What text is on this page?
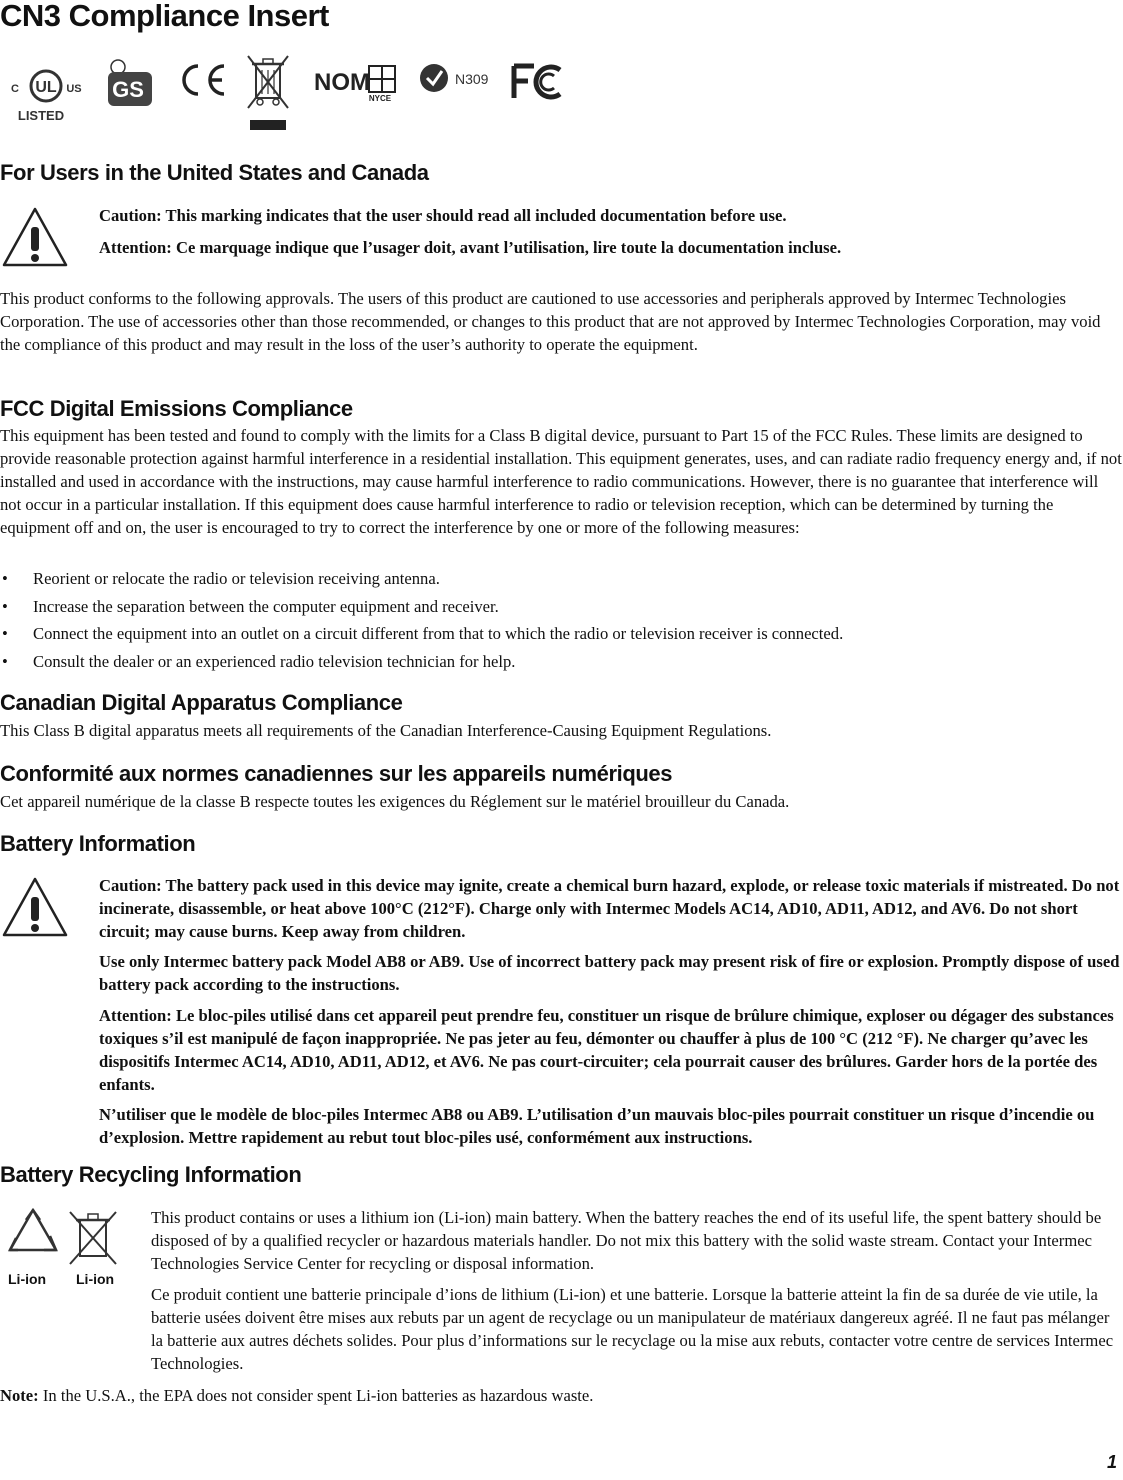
CN3 Compliance Insert
UL
C	US
LISTED
GS	NOM
NYCE
N309
For Users in the United States and Canada

Caution: This marking indicates that the user should read all included documentation before use.

Attention: Ce marquage indique que l’usager doit, avant l’utilisation, lire toute la documentation incluse.

This product conforms to the following approvals. The users of this product are cautioned to use accessories and peripherals approved by Intermec Technologies Corporation. The use of accessories other than those recommended, or changes to this product that are not approved by Intermec Technologies Corporation, may void the compliance of this product and may result in the loss of the user’s authority to operate the equipment.

FCC Digital Emissions Compliance

This equipment has been tested and found to comply with the limits for a Class B digital device, pursuant to Part 15 of the FCC Rules. These limits are designed to provide reasonable protection against harmful interference in a residential installation. This equipment generates, uses, and can radiate radio frequency energy and, if not installed and used in accordance with the instructions, may cause harmful interference to radio communications. However, there is no guarantee that interference will not occur in a particular installation. If this equipment does cause harmful interference to radio or television reception, which can be determined by turning the equipment off and on, the user is encouraged to try to correct the interference by one or more of the following measures:

• Reorient or relocate the radio or television receiving antenna.
• Increase the separation between the computer equipment and receiver.
• Connect the equipment into an outlet on a circuit different from that to which the radio or television receiver is connected.
• Consult the dealer or an experienced radio television technician for help.
Canadian Digital Apparatus Compliance

This Class B digital apparatus meets all requirements of the Canadian Interference-Causing Equipment Regulations.

Conformité aux normes canadiennes sur les appareils numériques

Cet appareil numérique de la classe B respecte toutes les exigences du Réglement sur le matériel brouilleur du Canada.

Battery Information

Caution: The battery pack used in this device may ignite, create a chemical burn hazard, explode, or release toxic materials if mistreated. Do not incinerate, disassemble, or heat above 100°C (212°F). Charge only with Intermec Models AC14, AD10, AD11, AD12, and AV6. Do not short circuit; may cause burns. Keep away from children.

Use only Intermec battery pack Model AB8 or AB9. Use of incorrect battery pack may present risk of fire or explosion. Promptly dispose of used battery pack according to the instructions.

Attention: Le bloc-piles utilisé dans cet appareil peut prendre feu, constituer un risque de brûlure chimique, exploser ou dégager des substances toxiques s’il est manipulé de façon inappropriée. Ne pas jeter au feu, démonter ou chauffer à plus de 100 °C (212 °F). Ne charger qu’avec les dispositifs Intermec AC14, AD10, AD11, AD12, et AV6. Ne pas court-circuiter; cela pourrait causer des brûlures. Garder hors de la portée des enfants.

N’utiliser que le modèle de bloc-piles Intermec AB8 ou AB9. L’utilisation d’un mauvais bloc-piles pourrait constituer un risque d’incendie ou d’explosion. Mettre rapidement au rebut tout bloc-piles usé, conformément aux instructions.

Battery Recycling Information
Li-ion Li-ion

This product contains or uses a lithium ion (Li-ion) main battery. When the battery reaches the end of its useful life, the spent battery should be disposed of by a qualified recycler or hazardous materials handler. Do not mix this battery with the solid waste stream. Contact your Intermec Technologies Service Center for recycling or disposal information.

Ce produit contient une batterie principale d’ions de lithium (Li-ion) et une batterie. Lorsque la batterie atteint la fin de sa durée de vie utile, la batterie usées doivent être mises aux rebuts par un agent de recyclage ou un manipulateur de matériaux dangereux agréé. Il ne faut pas mélanger la batterie aux autres déchets solides. Pour plus d’informations sur le recyclage ou la mise aux rebuts, contacter votre centre de services Intermec Technologies.

Note: In the U.S.A., the EPA does not consider spent Li-ion batteries as hazardous waste.

1
